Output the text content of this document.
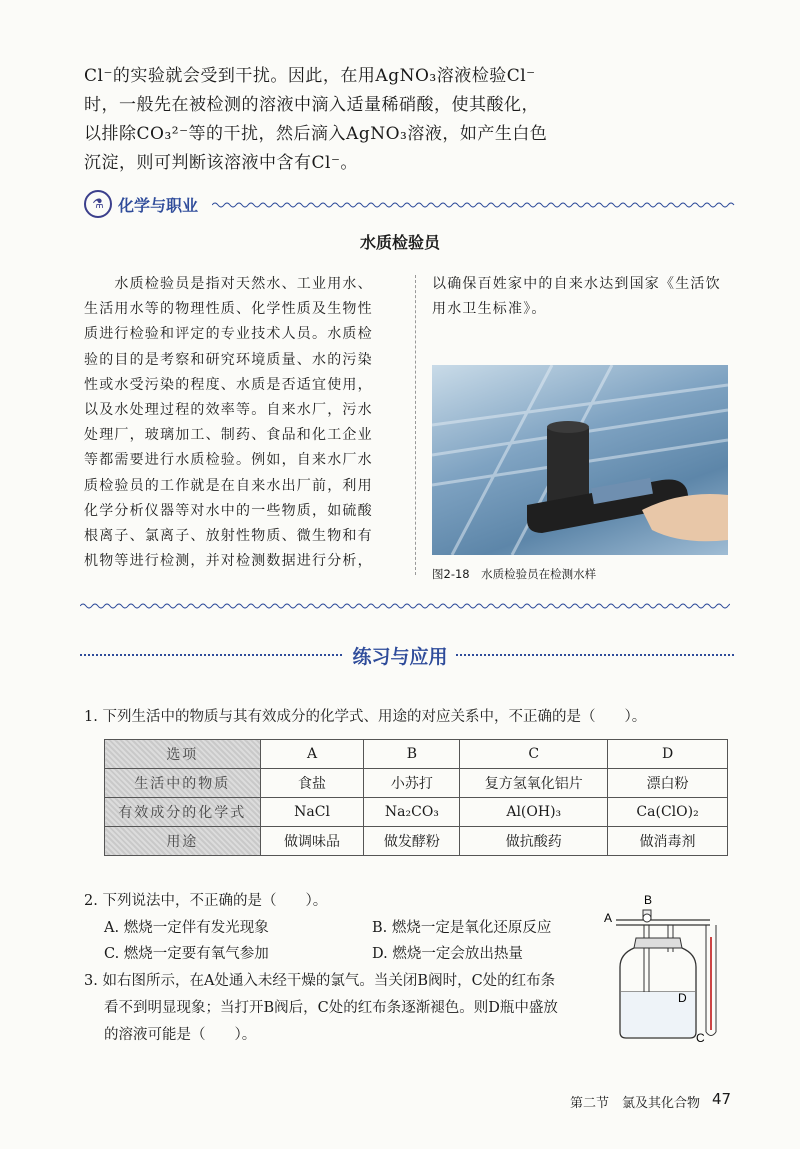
Cl⁻的实验就会受到干扰。因此，在用AgNO₃溶液检验Cl⁻

时，一般先在被检测的溶液中滴入适量稀硝酸，使其酸化，

以排除CO₃²⁻等的干扰，然后滴入AgNO₃溶液，如产生白色

沉淀，则可判断该溶液中含有Cl⁻。

⚗ 化学与职业
水质检验员

　　水质检验员是指对天然水、工业用水、

生活用水等的物理性质、化学性质及生物性

质进行检验和评定的专业技术人员。水质检

验的目的是考察和研究环境质量、水的污染

性或水受污染的程度、水质是否适宜使用，

以及水处理过程的效率等。自来水厂，污水

处理厂，玻璃加工、制药、食品和化工企业

等都需要进行水质检验。例如，自来水厂水

质检验员的工作就是在自来水出厂前，利用

化学分析仪器等对水中的一些物质，如硫酸

根离子、氯离子、放射性物质、微生物和有

机物等进行检测，并对检测数据进行分析，

以确保百姓家中的自来水达到国家《生活饮

用水卫生标准》。

图2-18　水质检验员在检测水样
练习与应用
1. 下列生活中的物质与其有效成分的化学式、用途的对应关系中，不正确的是（　　）。
选项	A	B	C	D
生活中的物质	食盐	小苏打	复方氢氧化铝片	漂白粉
有效成分的化学式	NaCl	Na₂CO₃	Al(OH)₃	Ca(ClO)₂
用途	做调味品	做发酵粉	做抗酸药	做消毒剂
2. 下列说法中，不正确的是（　　）。
A. 燃烧一定伴有发光现象	B. 燃烧一定是氧化还原反应
C. 燃烧一定要有氧气参加	D. 燃烧一定会放出热量
3. 如右图所示，在A处通入未经干燥的氯气。当关闭B阀时，C处的红布条
看不到明显现象；当打开B阀后，C处的红布条逐渐褪色。则D瓶中盛放
的溶液可能是（　　）。
A
B
C
D
第二节　氯及其化合物 47
